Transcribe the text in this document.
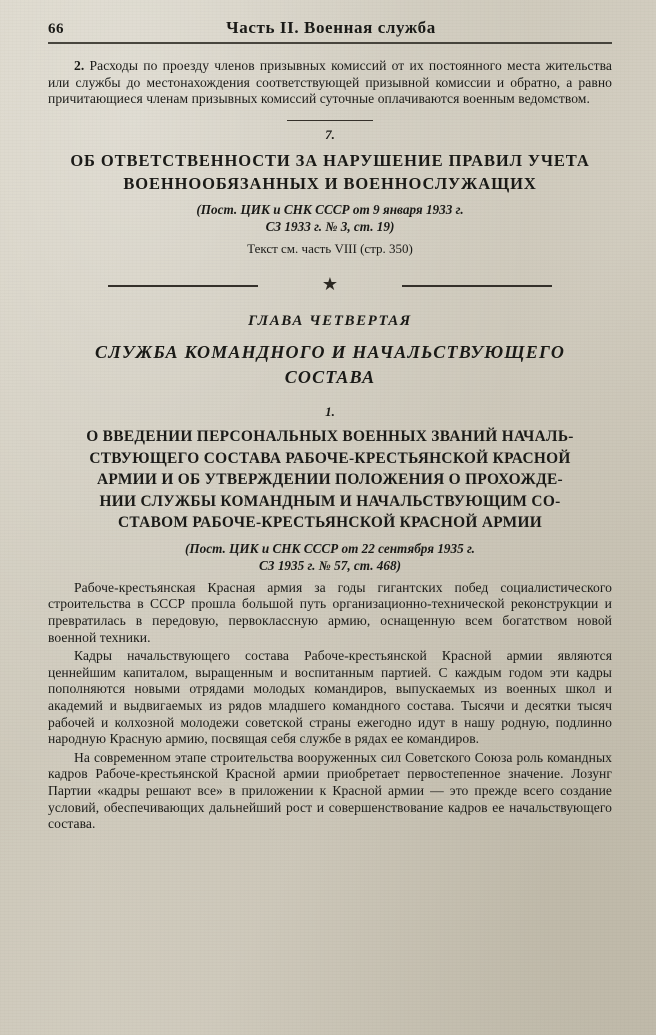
66	Часть II. Военная служба

2. Расходы по проезду членов призывных комиссий от их постоянного места жительства или службы до местонахождения соответствующей призывной комиссии и обратно, а равно причитающиеся членам призывных комиссий суточные оплачиваются военным ведомством.

7.
ОБ ОТВЕТСТВЕННОСТИ ЗА НАРУШЕНИЕ ПРАВИЛ УЧЕТА
ВОЕННООБЯЗАННЫХ И ВОЕННОСЛУЖАЩИХ
(Пост. ЦИК и СНК СССР от 9 января 1933 г.
СЗ 1933 г. № 3, ст. 19)
Текст см. часть VIII (стр. 350)
★
ГЛАВА ЧЕТВЕРТАЯ
СЛУЖБА КОМАНДНОГО И НАЧАЛЬСТВУЮЩЕГО
СОСТАВА
1.
О ВВЕДЕНИИ ПЕРСОНАЛЬНЫХ ВОЕННЫХ ЗВАНИЙ НАЧАЛЬ-
СТВУЮЩЕГО СОСТАВА РАБОЧЕ-КРЕСТЬЯНСКОЙ КРАСНОЙ
АРМИИ И ОБ УТВЕРЖДЕНИИ ПОЛОЖЕНИЯ О ПРОХОЖДЕ-
НИИ СЛУЖБЫ КОМАНДНЫМ И НАЧАЛЬСТВУЮЩИМ СО-
СТАВОМ РАБОЧЕ-КРЕСТЬЯНСКОЙ КРАСНОЙ АРМИИ
(Пост. ЦИК и СНК СССР от 22 сентября 1935 г.
СЗ 1935 г. № 57, ст. 468)

Рабоче-крестьянская Красная армия за годы гигантских побед социалистического строительства в СССР прошла большой путь организационно-технической реконструкции и превратилась в передовую, первоклассную армию, оснащенную всем богатством новой военной техники.

Кадры начальствующего состава Рабоче-крестьянской Красной армии являются ценнейшим капиталом, выращенным и воспитанным партией. С каждым годом эти кадры пополняются новыми отрядами молодых командиров, выпускаемых из военных школ и академий и выдвигаемых из рядов младшего командного состава. Тысячи и десятки тысяч рабочей и колхозной молодежи советской страны ежегодно идут в нашу родную, подлинно народную Красную армию, посвящая себя службе в рядах ее командиров.

На современном этапе строительства вооруженных сил Советского Союза роль командных кадров Рабоче-крестьянской Красной армии приобретает первостепенное значение. Лозунг Партии «кадры решают все» в приложении к Красной армии — это прежде всего создание условий, обеспечивающих дальнейший рост и совершенствование кадров ее начальствующего состава.
